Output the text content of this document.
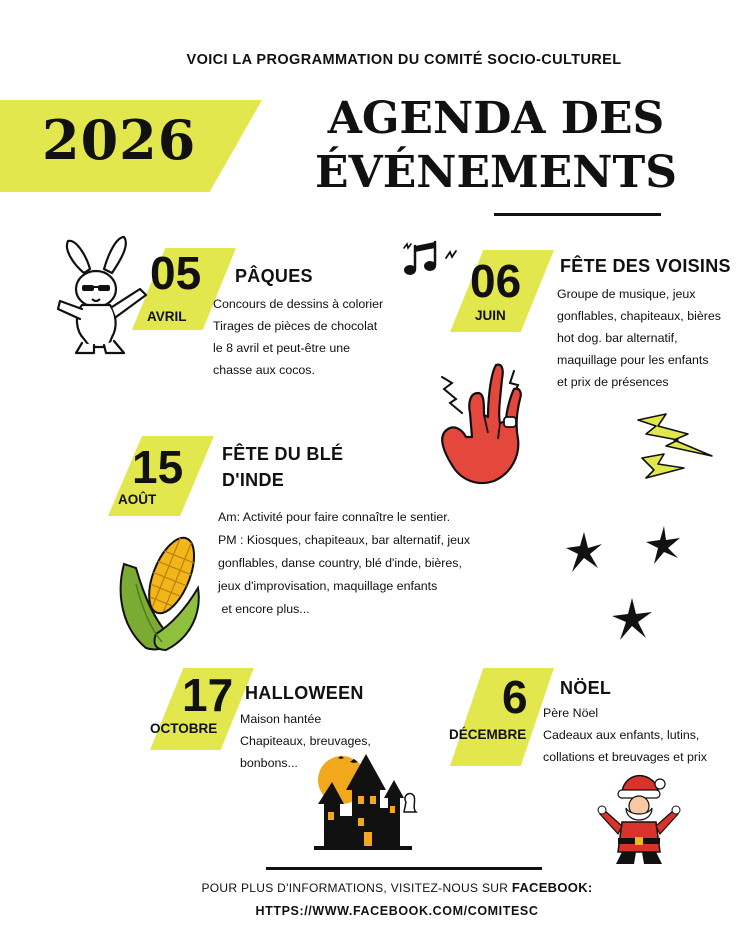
VOICI LA PROGRAMMATION DU COMITÉ SOCIO-CULTUREL
2026	AGENDA DES
ÉVÉNEMENTS
05
AVRIL
PÂQUES
Concours de dessins à colorier
Tirages de pièces de chocolat
le 8 avril et peut-être une
chasse aux cocos.
06
JUIN
FÊTE DES VOISINS
Groupe de musique, jeux
gonflables, chapiteaux, bières
hot dog. bar alternatif,
maquillage pour les enfants
et prix de présences
15
AOÛT
FÊTE DU BLÉ
D'INDE
Am: Activité pour faire connaître le sentier.
PM : Kiosques, chapiteaux, bar alternatif, jeux
gonflables, danse country, blé d'inde, bières,
jeux d'improvisation, maquillage enfants
et encore plus...
17
OCTOBRE
HALLOWEEN
Maison hantée
Chapiteaux, breuvages,
bonbons...
6
DÉCEMBRE
NÖEL
Père Nöel
Cadeaux aux enfants, lutins,
collations et breuvages et prix
POUR PLUS D'INFORMATIONS, VISITEZ-NOUS SUR FACEBOOK:
HTTPS://WWW.FACEBOOK.COM/COMITESC
